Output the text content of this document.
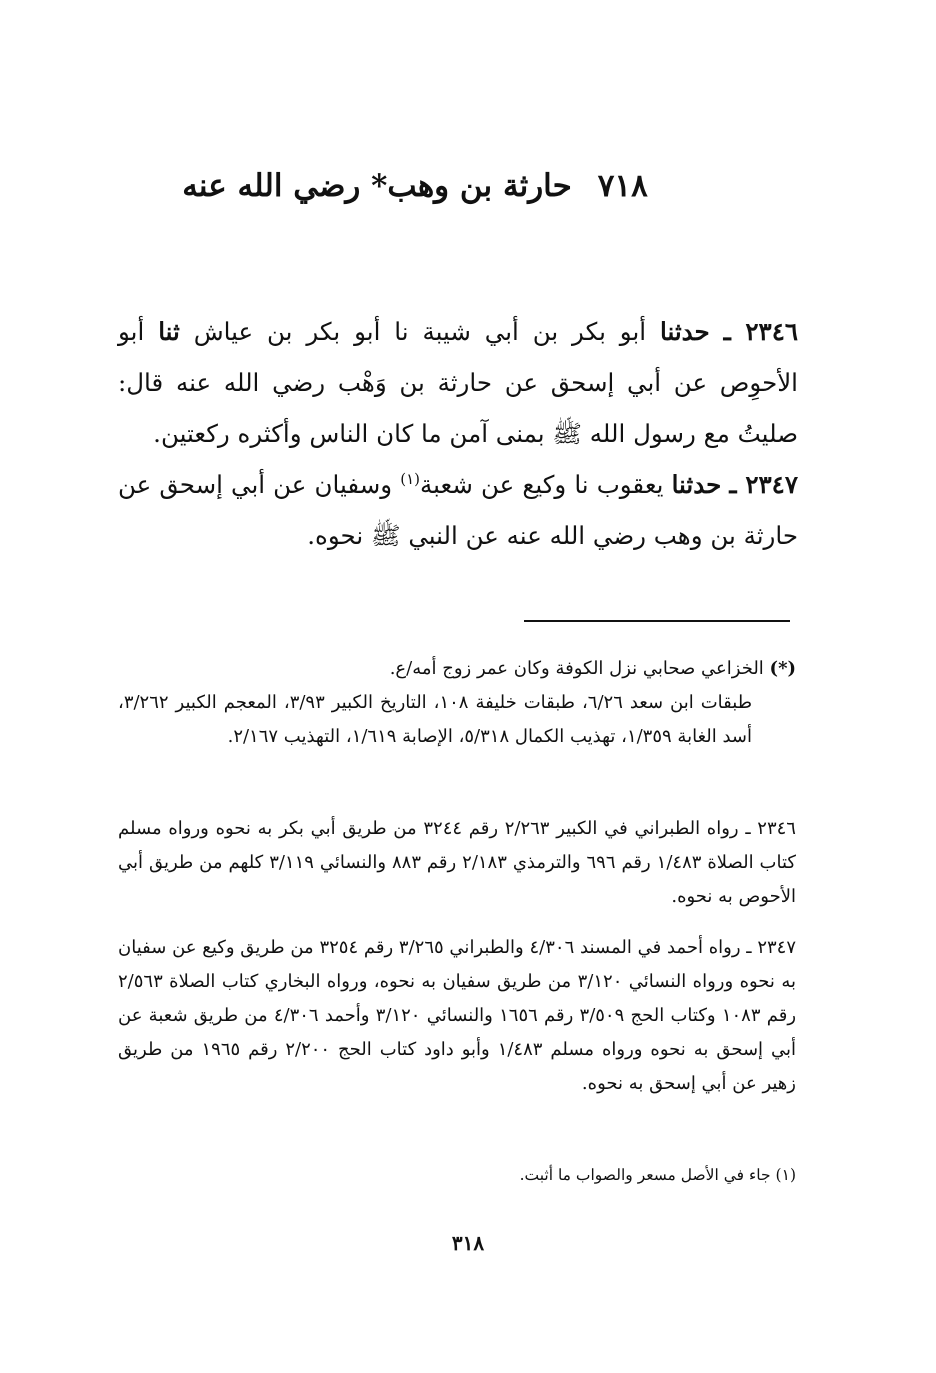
٧١٨حارثة بن وهب* رضي الله عنه
٢٣٤٦ ـ حدثنا أبو بكر بن أبي شيبة نا أبو بكر بن عياش ثنا أبو الأحوِص عن أبي إسحق عن حارثة بن وَهْب رضي الله عنه قال: صليتُ مع رسول الله ﷺ بمنى آمن ما كان الناس وأكثره ركعتين.
٢٣٤٧ ـ حدثنا يعقوب نا وكيع عن شعبة$^{(١)}$ وسفيان عن أبي إسحق عن حارثة بن وهب رضي الله عنه عن النبي ﷺ نحوه.
(*) الخزاعي صحابي نزل الكوفة وكان عمر زوج أمه/ع.
طبقات ابن سعد ٦/٢٦، طبقات خليفة ١٠٨، التاريخ الكبير ٣/٩٣، المعجم الكبير ٣/٢٦٢، أسد الغابة ١/٣٥٩، تهذيب الكمال ٥/٣١٨، الإصابة ١/٦١٩، التهذيب ٢/١٦٧.
٢٣٤٦ ـ رواه الطبراني في الكبير ٢/٢٦٣ رقم ٣٢٤٤ من طريق أبي بكر به نحوه ورواه مسلم كتاب الصلاة ١/٤٨٣ رقم ٦٩٦ والترمذي ٢/١٨٣ رقم ٨٨٣ والنسائي ٣/١١٩ كلهم من طريق أبي الأحوص به نحوه.
٢٣٤٧ ـ رواه أحمد في المسند ٤/٣٠٦ والطبراني ٣/٢٦٥ رقم ٣٢٥٤ من طريق وكيع عن سفيان به نحوه ورواه النسائي ٣/١٢٠ من طريق سفيان به نحوه، ورواه البخاري كتاب الصلاة ٢/٥٦٣ رقم ١٠٨٣ وكتاب الحج ٣/٥٠٩ رقم ١٦٥٦ والنسائي ٣/١٢٠ وأحمد ٤/٣٠٦ من طريق شعبة عن أبي إسحق به نحوه ورواه مسلم ١/٤٨٣ وأبو داود كتاب الحج ٢/٢٠٠ رقم ١٩٦٥ من طريق زهير عن أبي إسحق به نحوه.
(١) جاء في الأصل مسعر والصواب ما أثبت.
٣١٨
